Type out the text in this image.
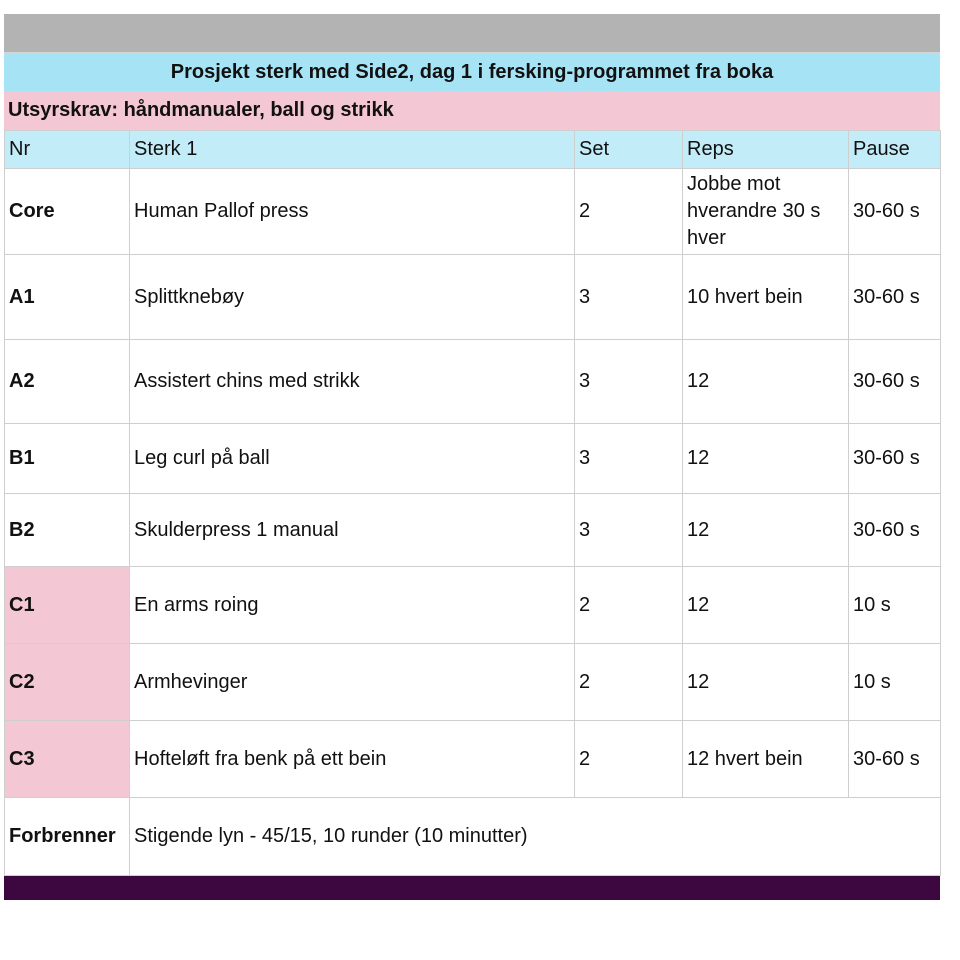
Prosjekt sterk med Side2, dag 1 i fersking-programmet fra boka
Utsyrskrav: håndmanualer, ball og strikk
Nr	Sterk 1	Set	Reps	Pause
Core	Human Pallof press	2	Jobbe mot hverandre 30 s hver	30-60 s
A1	Splittknebøy	3	10 hvert bein	30-60 s
A2	Assistert chins med strikk	3	12	30-60 s
B1	Leg curl på ball	3	12	30-60 s
B2	Skulderpress 1 manual	3	12	30-60 s
C1	En arms roing	2	12	10 s
C2	Armhevinger	2	12	10 s
C3	Hofteløft fra benk på ett bein	2	12 hvert bein	30-60 s
Forbrenner	Stigende lyn - 45/15, 10 runder (10 minutter)			
